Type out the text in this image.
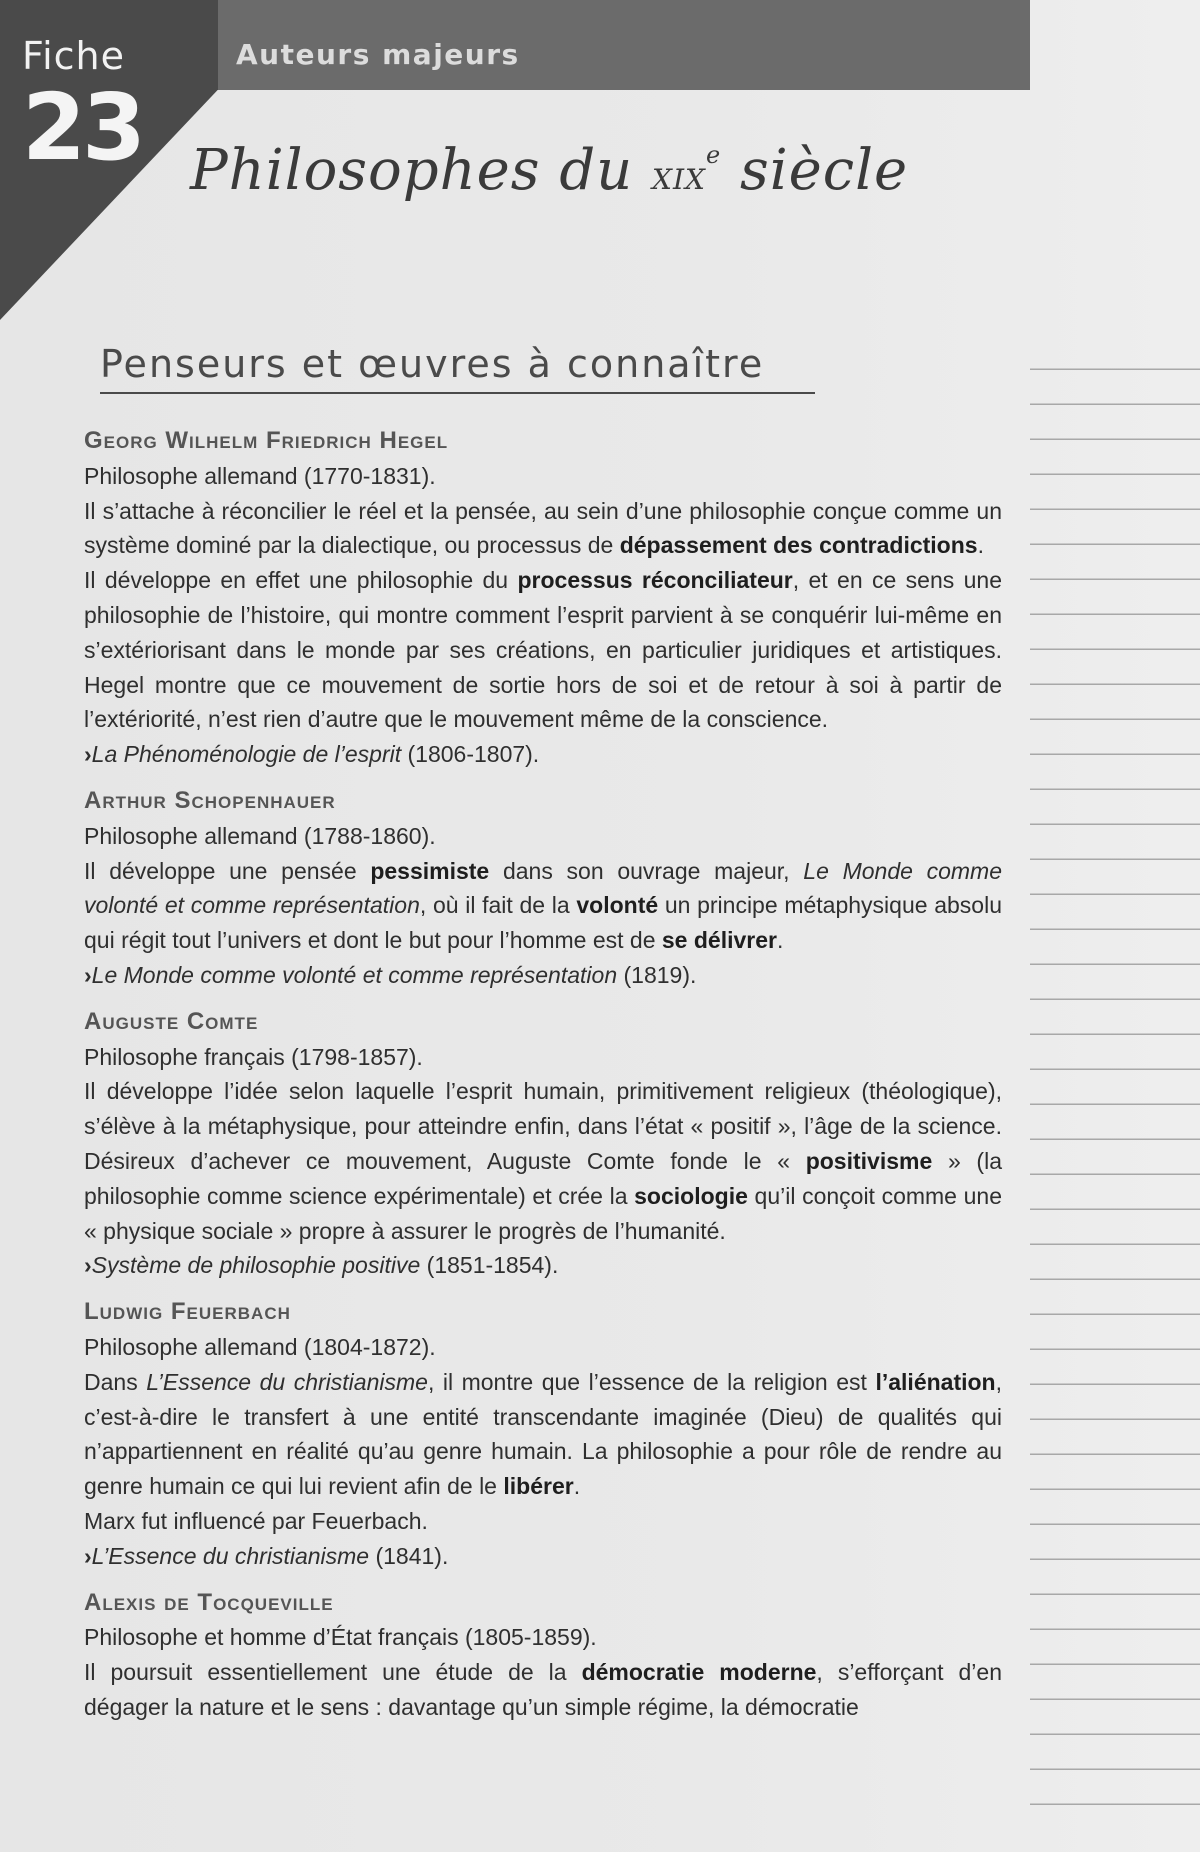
Fiche
23
Auteurs majeurs
Philosophes du xix$^e$ siècle
Penseurs et œuvres à connaître

Georg Wilhelm Friedrich Hegel

Philosophe allemand (1770-1831).

Il s’attache à réconcilier le réel et la pensée, au sein d’une philosophie conçue comme un système dominé par la dialectique, ou processus de dépassement des contradictions.

Il développe en effet une philosophie du processus réconciliateur, et en ce sens une philosophie de l’histoire, qui montre comment l’esprit parvient à se conquérir lui-même en s’extériorisant dans le monde par ses créations, en particulier juridiques et artistiques. Hegel montre que ce mouvement de sortie hors de soi et de retour à soi à partir de l’extériorité, n’est rien d’autre que le mouvement même de la conscience.

› La Phénoménologie de l’esprit (1806-1807).

Arthur Schopenhauer

Philosophe allemand (1788-1860).

Il développe une pensée pessimiste dans son ouvrage majeur, Le Monde comme volonté et comme représentation, où il fait de la volonté un principe métaphysique absolu qui régit tout l’univers et dont le but pour l’homme est de se délivrer.

› Le Monde comme volonté et comme représentation (1819).

Auguste Comte

Philosophe français (1798-1857).

Il développe l’idée selon laquelle l’esprit humain, primitivement religieux (théologique), s’élève à la métaphysique, pour atteindre enfin, dans l’état « positif », l’âge de la science. Désireux d’achever ce mouvement, Auguste Comte fonde le « positivisme » (la philosophie comme science expérimentale) et crée la sociologie qu’il conçoit comme une « physique sociale » propre à assurer le progrès de l’humanité.

› Système de philosophie positive (1851-1854).

Ludwig Feuerbach

Philosophe allemand (1804-1872).

Dans L’Essence du christianisme, il montre que l’essence de la religion est l’aliénation, c’est-à-dire le transfert à une entité transcendante imaginée (Dieu) de qualités qui n’appartiennent en réalité qu’au genre humain. La philosophie a pour rôle de rendre au genre humain ce qui lui revient afin de le libérer.

Marx fut influencé par Feuerbach.

› L’Essence du christianisme (1841).

Alexis de Tocqueville

Philosophe et homme d’État français (1805-1859).

Il poursuit essentiellement une étude de la démocratie moderne, s’efforçant d’en dégager la nature et le sens : davantage qu’un simple régime, la démocratie
